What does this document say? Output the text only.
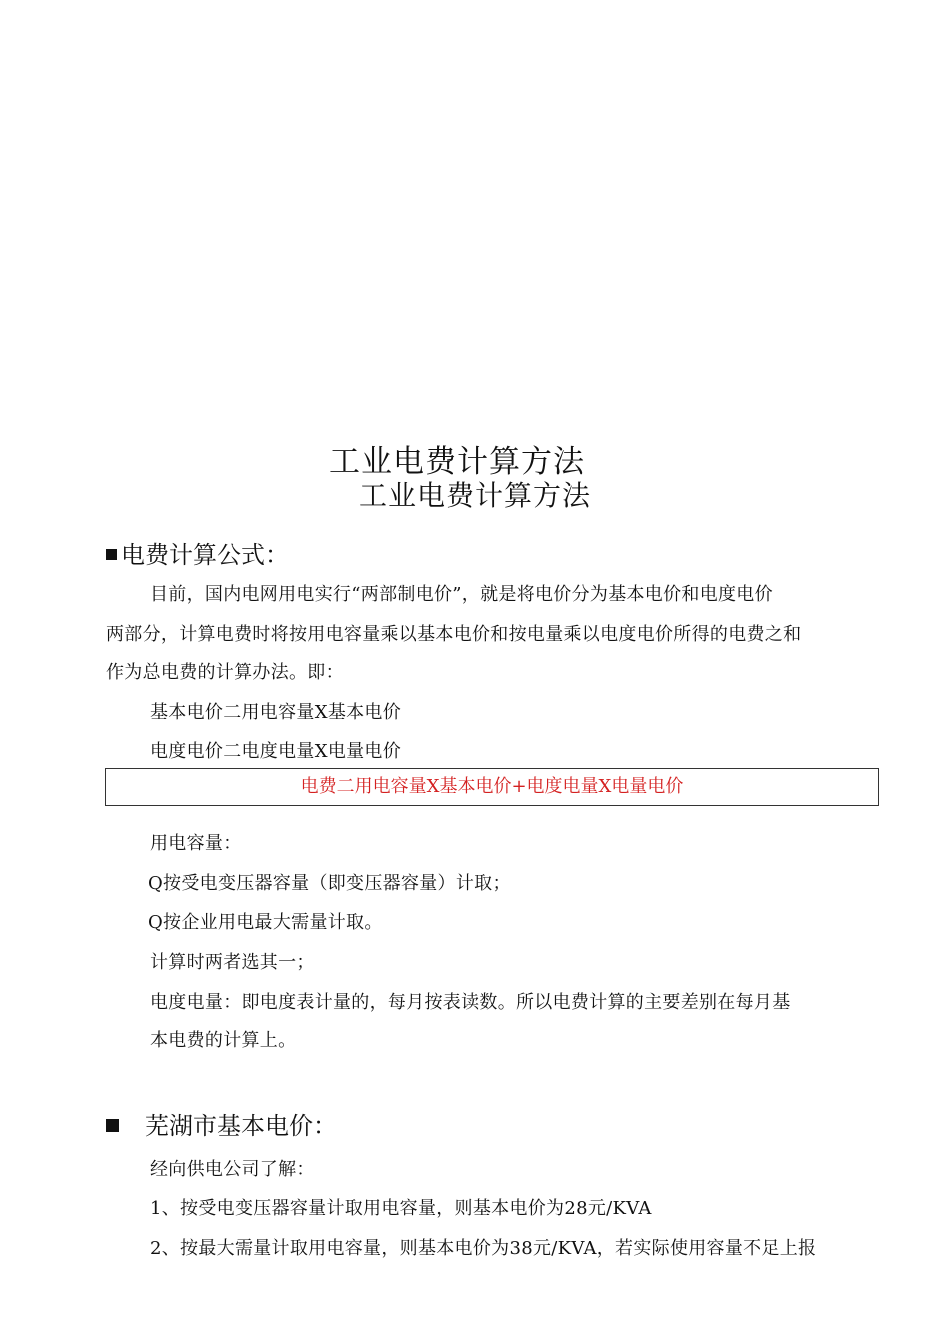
工业电费计算方法
工业电费计算方法
电费计算公式：
目前，国内电网用电实行“两部制电价”，就是将电价分为基本电价和电度电价
两部分，计算电费时将按用电容量乘以基本电价和按电量乘以电度电价所得的电费之和
作为总电费的计算办法。即：
基本电价二用电容量X基本电价
电度电价二电度电量X电量电价
电费二用电容量X基本电价+电度电量X电量电价
用电容量：
Q按受电变压器容量（即变压器容量）计取；
Q按企业用电最大需量计取。
计算时两者选其一；
电度电量：即电度表计量的，每月按表读数。所以电费计算的主要差别在每月基
本电费的计算上。
芜湖市基本电价：
经向供电公司了解：
1、按受电变压器容量计取用电容量，则基本电价为28元/KVA
2、按最大需量计取用电容量，则基本电价为38元/KVA，若实际使用容量不足上报
